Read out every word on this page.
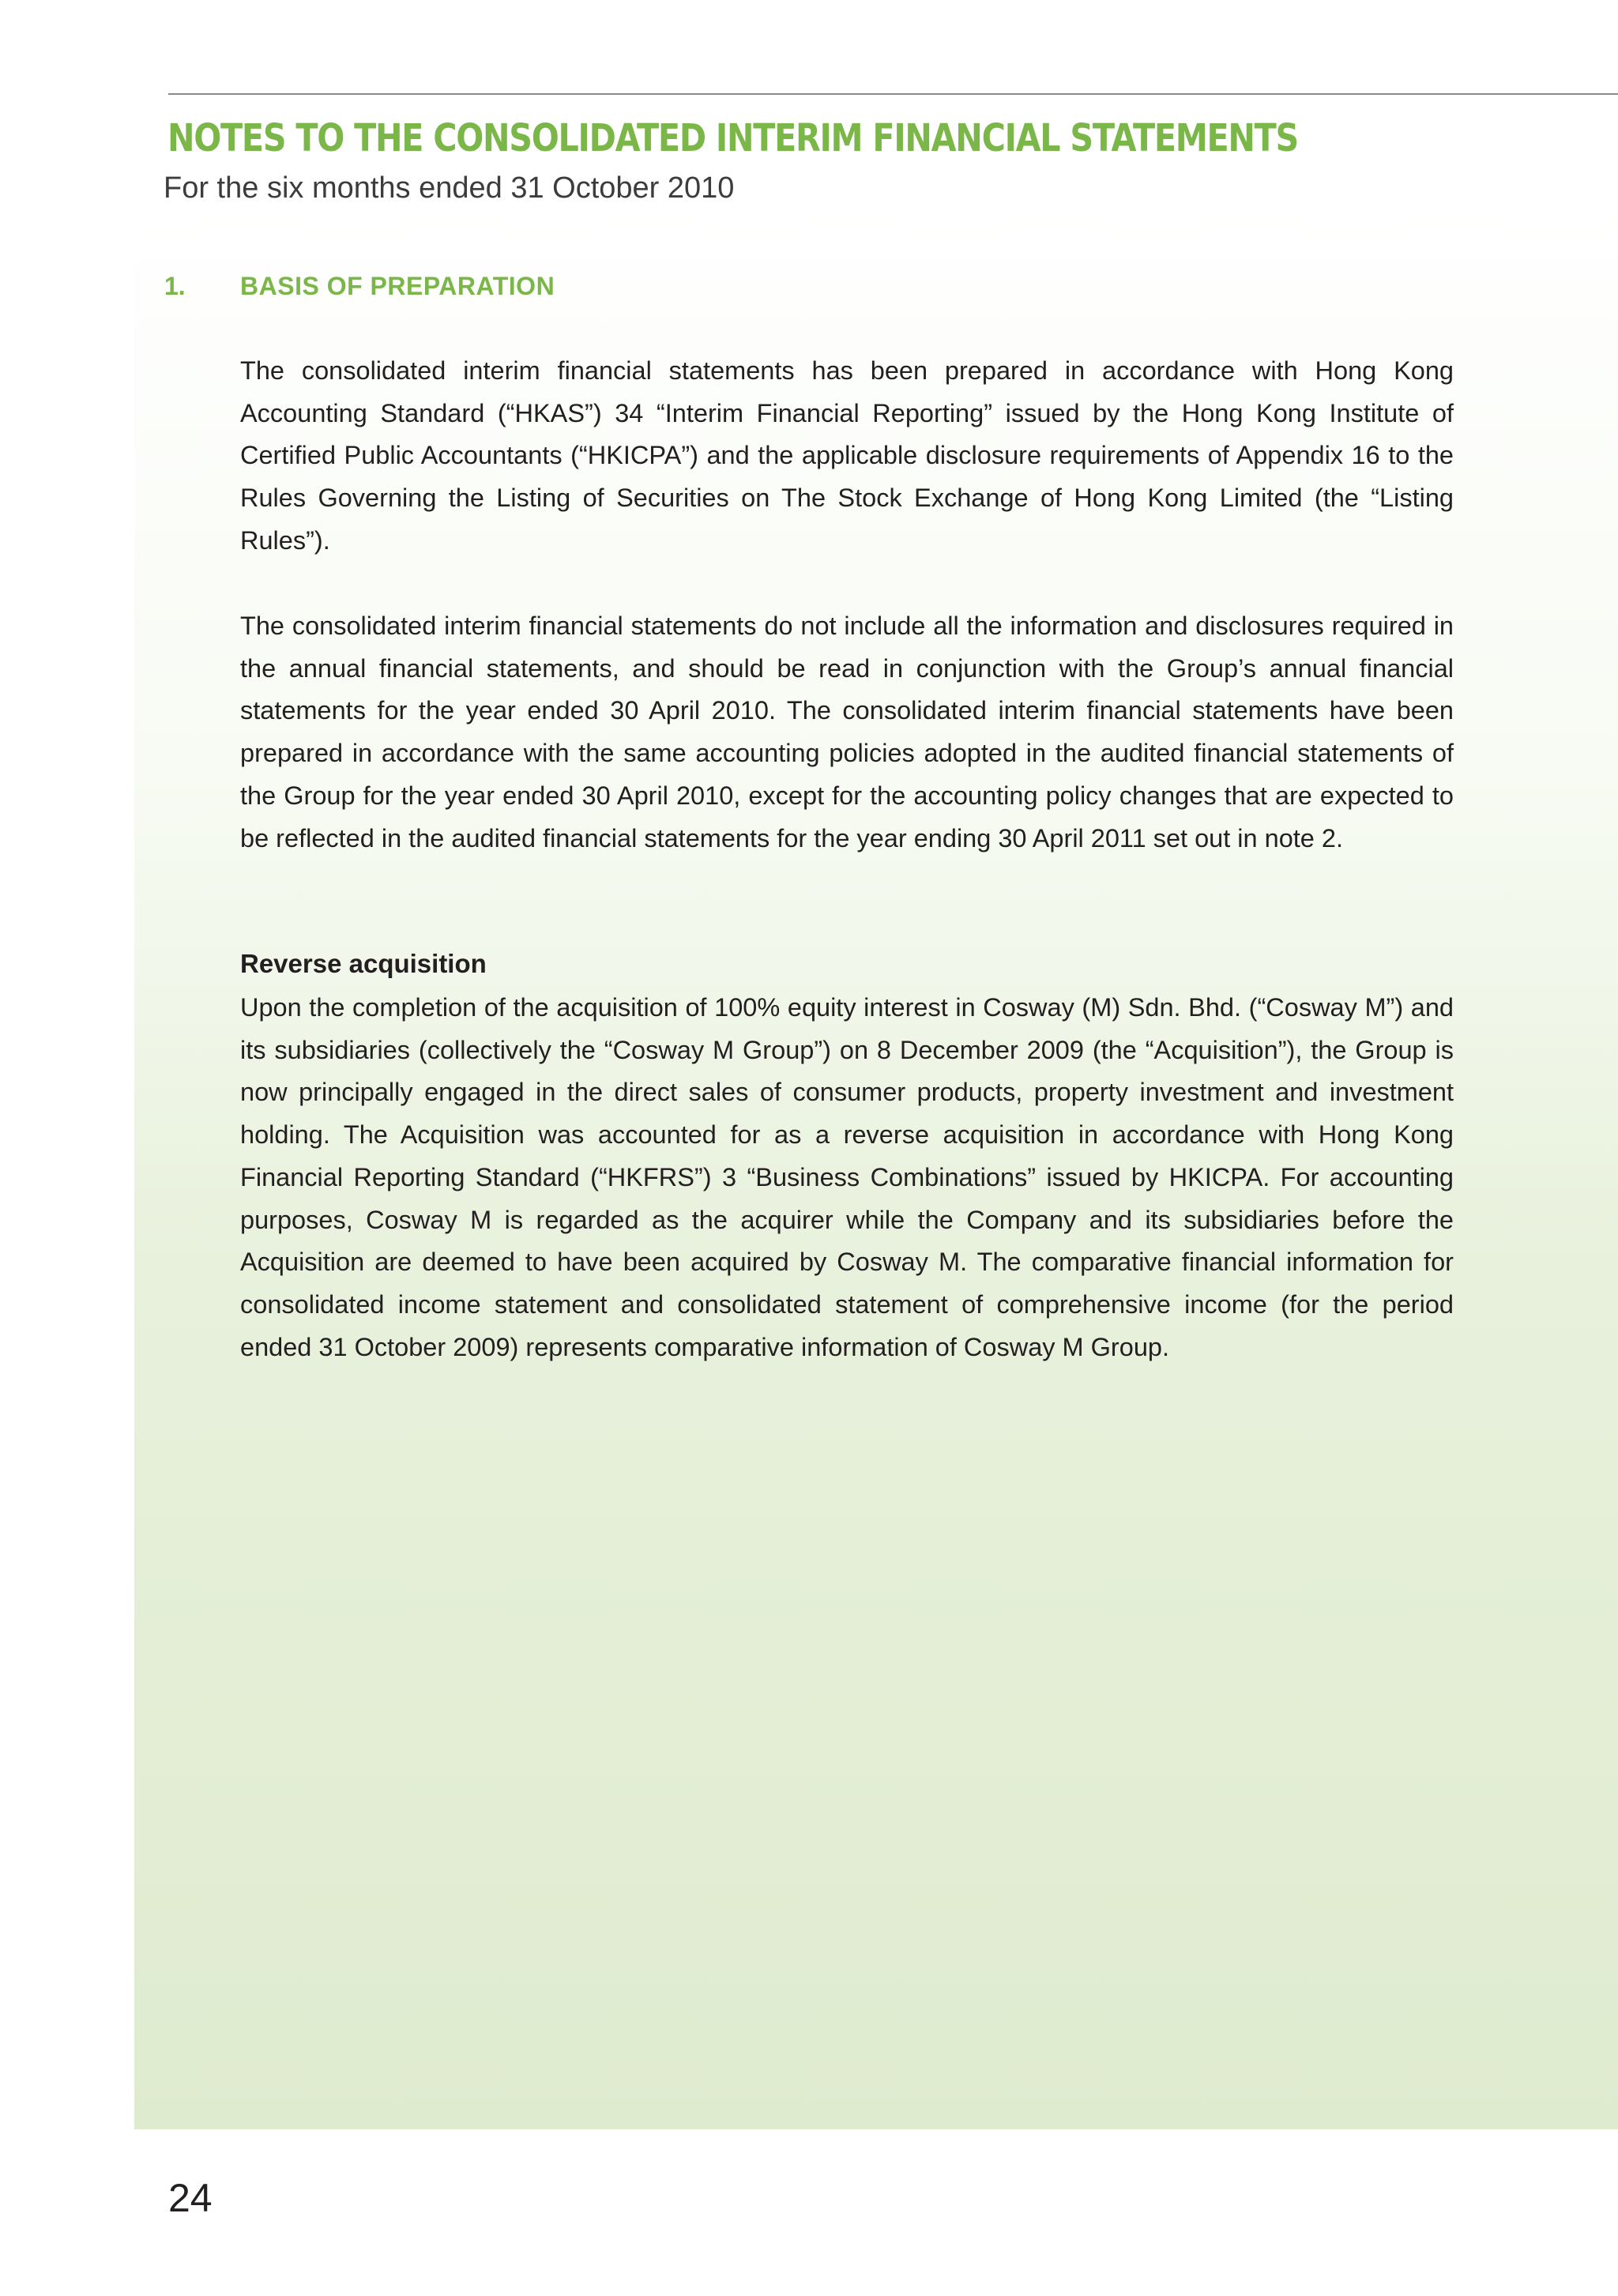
NOTES TO THE CONSOLIDATED INTERIM FINANCIAL STATEMENTS

For the six months ended 31 October 2010

1. BASIS OF PREPARATION

The consolidated interim financial statements has been prepared in accordance with Hong Kong Accounting Standard (“HKAS”) 34 “Interim Financial Reporting” issued by the Hong Kong Institute of Certified Public Accountants (“HKICPA”) and the applicable disclosure requirements of Appendix 16 to the Rules Governing the Listing of Securities on The Stock Exchange of Hong Kong Limited (the “Listing Rules”).

The consolidated interim financial statements do not include all the information and disclosures required in the annual financial statements, and should be read in conjunction with the Group’s annual financial statements for the year ended 30 April 2010. The consolidated interim financial statements have been prepared in accordance with the same accounting policies adopted in the audited financial statements of the Group for the year ended 30 April 2010, except for the accounting policy changes that are expected to be reflected in the audited financial statements for the year ending 30 April 2011 set out in note 2.

Reverse acquisition

Upon the completion of the acquisition of 100% equity interest in Cosway (M) Sdn. Bhd. (“Cosway M”) and its subsidiaries (collectively the “Cosway M Group”) on 8 December 2009 (the “Acquisition”), the Group is now principally engaged in the direct sales of consumer products, property investment and investment holding. The Acquisition was accounted for as a reverse acquisition in accordance with Hong Kong Financial Reporting Standard (“HKFRS”) 3 “Business Combinations” issued by HKICPA. For accounting purposes, Cosway M is regarded as the acquirer while the Company and its subsidiaries before the Acquisition are deemed to have been acquired by Cosway M. The comparative financial information for consolidated income statement and consolidated statement of comprehensive income (for the period ended 31 October 2009) represents comparative information of Cosway M Group.

24
